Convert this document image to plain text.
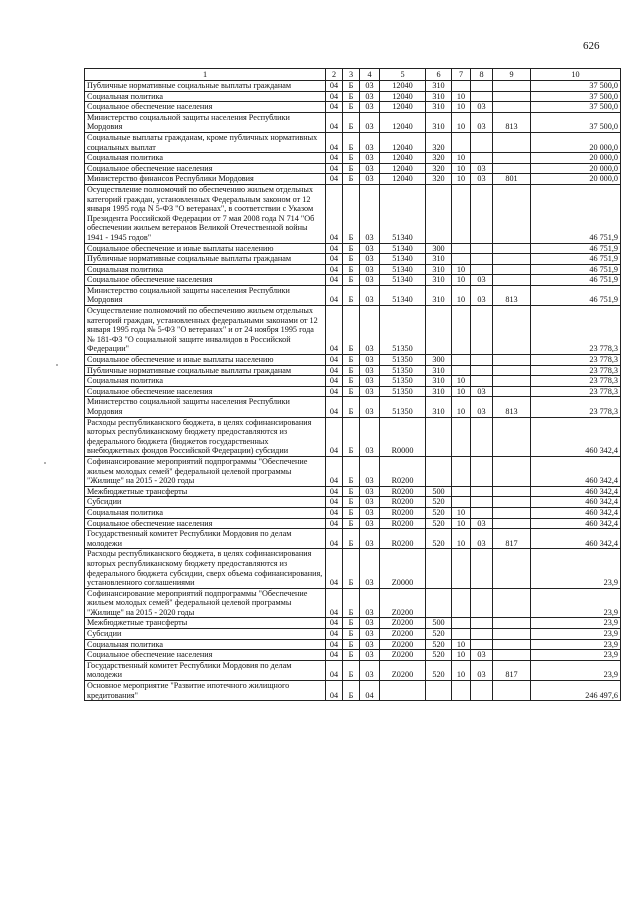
626
1	2	3	4	5	6	7	8	9	10
Публичные нормативные социальные выплаты гражданам	04	Б	03	12040	310				37 500,0
Социальная политика	04	Б	03	12040	310	10			37 500,0
Социальное обеспечение населения	04	Б	03	12040	310	10	03		37 500,0
Министерство социальной защиты населения Республики Мордовия	04	Б	03	12040	310	10	03	813	37 500,0
Социальные выплаты гражданам, кроме публичных нормативных социальных выплат	04	Б	03	12040	320				20 000,0
Социальная политика	04	Б	03	12040	320	10			20 000,0
Социальное обеспечение населения	04	Б	03	12040	320	10	03		20 000,0
Министерство финансов Республики Мордовия	04	Б	03	12040	320	10	03	801	20 000,0
Осуществление полномочий по обеспечению жильем отдельных категорий граждан, установленных Федеральным законом от 12 января 1995 года N 5-ФЗ "О ветеранах", в соответствии с Указом Президента Российской Федерации от 7 мая 2008 года N 714 "Об обеспечении жильем ветеранов Великой Отечественной войны 1941 - 1945 годов"	04	Б	03	51340					46 751,9
Социальное обеспечение и иные выплаты населению	04	Б	03	51340	300				46 751,9
Публичные нормативные социальные выплаты гражданам	04	Б	03	51340	310				46 751,9
Социальная политика	04	Б	03	51340	310	10			46 751,9
Социальное обеспечение населения	04	Б	03	51340	310	10	03		46 751,9
Министерство социальной защиты населения Республики Мордовия	04	Б	03	51340	310	10	03	813	46 751,9
Осуществление полномочий по обеспечению жильем отдельных категорий граждан, установленных федеральными законами от 12 января 1995 года № 5-ФЗ "О ветеранах" и от 24 ноября 1995 года № 181-ФЗ "О социальной защите инвалидов в Российской Федерации"	04	Б	03	51350					23 778,3
Социальное обеспечение и иные выплаты населению	04	Б	03	51350	300				23 778,3
Публичные нормативные социальные выплаты гражданам	04	Б	03	51350	310				23 778,3
Социальная политика	04	Б	03	51350	310	10			23 778,3
Социальное обеспечение населения	04	Б	03	51350	310	10	03		23 778,3
Министерство социальной защиты населения Республики Мордовия	04	Б	03	51350	310	10	03	813	23 778,3
Расходы республиканского бюджета, в целях софинансирования которых республиканскому бюджету предоставляются из федерального бюджета (бюджетов государственных внебюджетных фондов Российской Федерации) субсидии	04	Б	03	R0000					460 342,4
Софинансирование мероприятий подпрограммы "Обеспечение жильем молодых семей" федеральной целевой программы "Жилище" на 2015 - 2020 годы	04	Б	03	R0200					460 342,4
Межбюджетные трансферты	04	Б	03	R0200	500				460 342,4
Субсидии	04	Б	03	R0200	520				460 342,4
Социальная политика	04	Б	03	R0200	520	10			460 342,4
Социальное обеспечение населения	04	Б	03	R0200	520	10	03		460 342,4
Государственный комитет Республики Мордовия по делам молодежи	04	Б	03	R0200	520	10	03	817	460 342,4
Расходы республиканского бюджета, в целях софинансирования которых республиканскому бюджету предоставляются из федерального бюджета субсидии, сверх объема софинансирования, установленного соглашениями	04	Б	03	Z0000					23,9
Софинансирование мероприятий подпрограммы "Обеспечение жильем молодых семей" федеральной целевой программы "Жилище" на 2015 - 2020 годы	04	Б	03	Z0200					23,9
Межбюджетные трансферты	04	Б	03	Z0200	500				23,9
Субсидии	04	Б	03	Z0200	520				23,9
Социальная политика	04	Б	03	Z0200	520	10			23,9
Социальное обеспечение населения	04	Б	03	Z0200	520	10	03		23,9
Государственный комитет Республики Мордовия по делам молодежи	04	Б	03	Z0200	520	10	03	817	23,9
Основное мероприятие "Развитие ипотечного жилищного кредитования"	04	Б	04						246 497,6
